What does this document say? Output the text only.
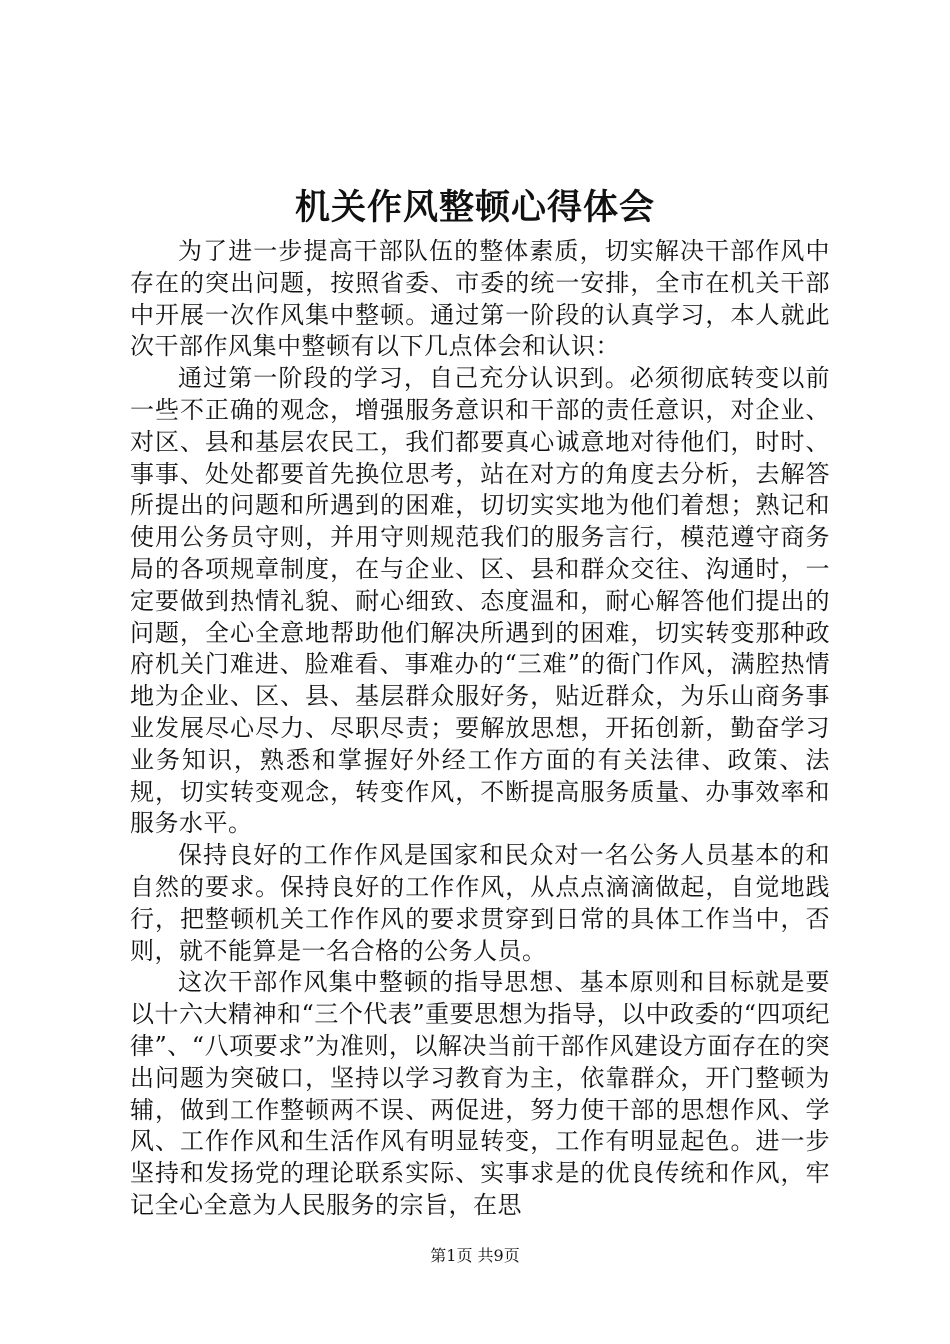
机关作风整顿心得体会

为了进一步提高干部队伍的整体素质，切实解决干部作风中存在的突出问题，按照省委、市委的统一安排，全市在机关干部中开展一次作风集中整顿。通过第一阶段的认真学习，本人就此次干部作风集中整顿有以下几点体会和认识：

通过第一阶段的学习，自己充分认识到。必须彻底转变以前一些不正确的观念，增强服务意识和干部的责任意识，对企业、对区、县和基层农民工，我们都要真心诚意地对待他们，时时、事事、处处都要首先换位思考，站在对方的角度去分析，去解答所提出的问题和所遇到的困难，切切实实地为他们着想；熟记和使用公务员守则，并用守则规范我们的服务言行，模范遵守商务局的各项规章制度，在与企业、区、县和群众交往、沟通时，一定要做到热情礼貌、耐心细致、态度温和，耐心解答他们提出的问题，全心全意地帮助他们解决所遇到的困难，切实转变那种政府机关门难进、脸难看、事难办的“三难”的衙门作风，满腔热情地为企业、区、县、基层群众服好务，贴近群众，为乐山商务事业发展尽心尽力、尽职尽责；要解放思想，开拓创新，勤奋学习业务知识，熟悉和掌握好外经工作方面的有关法律、政策、法规，切实转变观念，转变作风，不断提高服务质量、办事效率和服务水平。

保持良好的工作作风是国家和民众对一名公务人员基本的和自然的要求。保持良好的工作作风，从点点滴滴做起，自觉地践行，把整顿机关工作作风的要求贯穿到日常的具体工作当中，否则，就不能算是一名合格的公务人员。

这次干部作风集中整顿的指导思想、基本原则和目标就是要以十六大精神和“三个代表”重要思想为指导，以中政委的“四项纪律”、“八项要求”为准则，以解决当前干部作风建设方面存在的突出问题为突破口，坚持以学习教育为主，依靠群众，开门整顿为辅，做到工作整顿两不误、两促进，努力使干部的思想作风、学风、工作作风和生活作风有明显转变，工作有明显起色。进一步坚持和发扬党的理论联系实际、实事求是的优良传统和作风，牢记全心全意为人民服务的宗旨，在思

第1页 共9页
